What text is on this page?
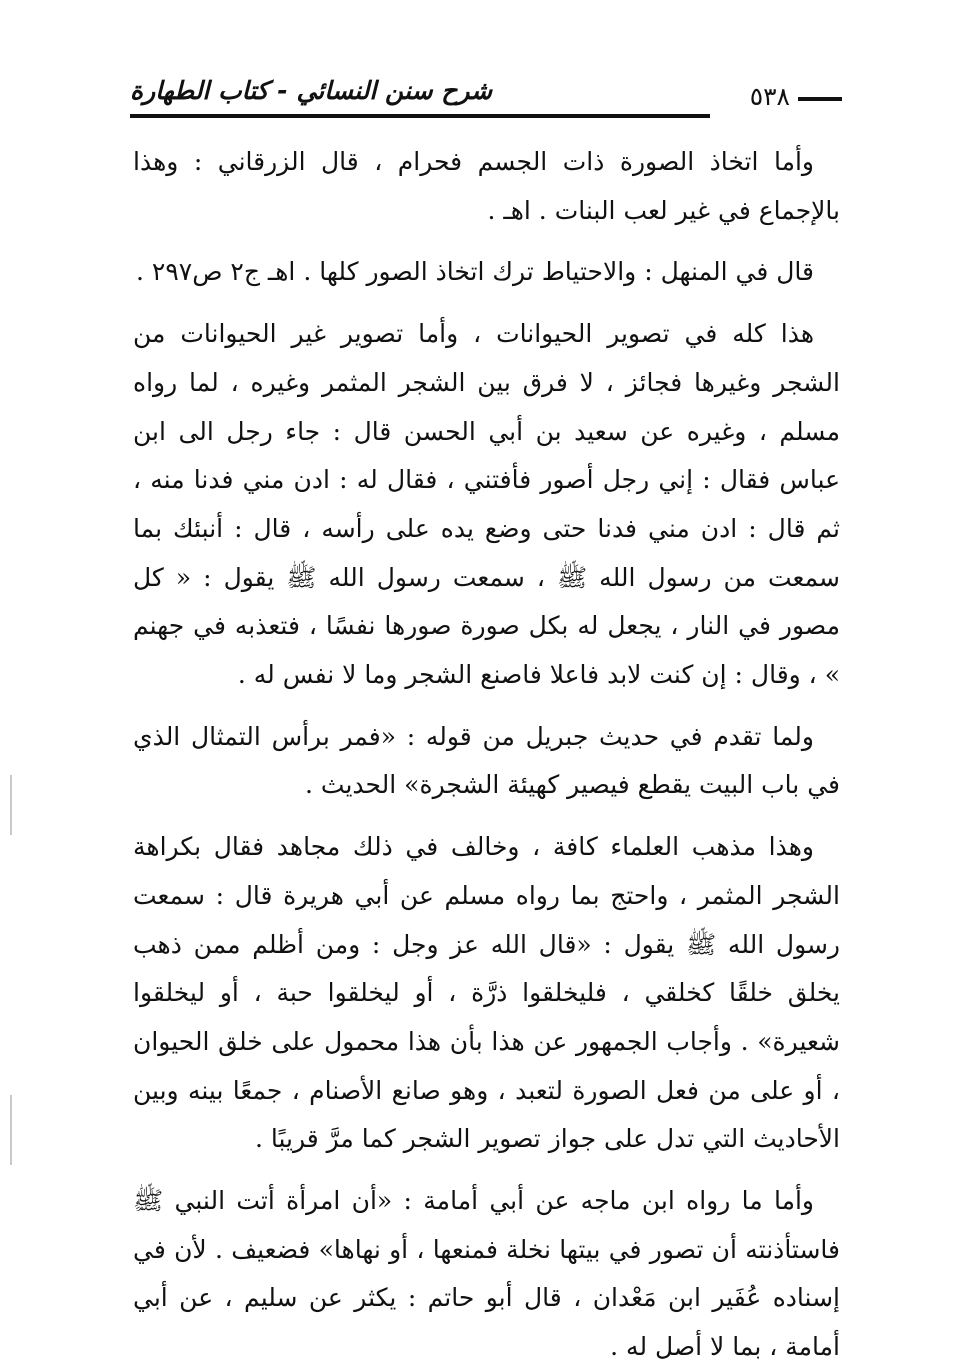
شرح سنن النسائي - كتاب الطهارة	٥٣٨

وأما اتخاذ الصورة ذات الجسم فحرام ، قال الزرقاني : وهذا بالإجماع في غير لعب البنات . اهـ .

قال في المنهل : والاحتياط ترك اتخاذ الصور كلها . اهـ ج٢ ص٢٩٧ .

هذا كله في تصوير الحيوانات ، وأما تصوير غير الحيوانات من الشجر وغيرها فجائز ، لا فرق بين الشجر المثمر وغيره ، لما رواه مسلم ، وغيره عن سعيد بن أبي الحسن قال : جاء رجل الى ابن عباس فقال : إني رجل أصور فأفتني ، فقال له : ادن مني فدنا منه ، ثم قال : ادن مني فدنا حتى وضع يده على رأسه ، قال : أنبئك بما سمعت من رسول الله ﷺ ، سمعت رسول الله ﷺ يقول : « كل مصور في النار ، يجعل له بكل صورة صورها نفسًا ، فتعذبه في جهنم » ، وقال : إن كنت لابد فاعلا فاصنع الشجر وما لا نفس له .

ولما تقدم في حديث جبريل من قوله : «فمر برأس التمثال الذي في باب البيت يقطع فيصير كهيئة الشجرة» الحديث .

وهذا مذهب العلماء كافة ، وخالف في ذلك مجاهد فقال بكراهة الشجر المثمر ، واحتج بما رواه مسلم عن أبي هريرة قال : سمعت رسول الله ﷺ يقول : «قال الله عز وجل : ومن أظلم ممن ذهب يخلق خلقًا كخلقي ، فليخلقوا ذرَّة ، أو ليخلقوا حبة ، أو ليخلقوا شعيرة» . وأجاب الجمهور عن هذا بأن هذا محمول على خلق الحيوان ، أو على من فعل الصورة لتعبد ، وهو صانع الأصنام ، جمعًا بينه وبين الأحاديث التي تدل على جواز تصوير الشجر كما مرَّ قريبًا .

وأما ما رواه ابن ماجه عن أبي أمامة : «أن امرأة أتت النبي ﷺ فاستأذنته أن تصور في بيتها نخلة فمنعها ، أو نهاها» فضعيف . لأن في إسناده عُفَير ابن مَعْدان ، قال أبو حاتم : يكثر عن سليم ، عن أبي أمامة ، بما لا أصل له .
